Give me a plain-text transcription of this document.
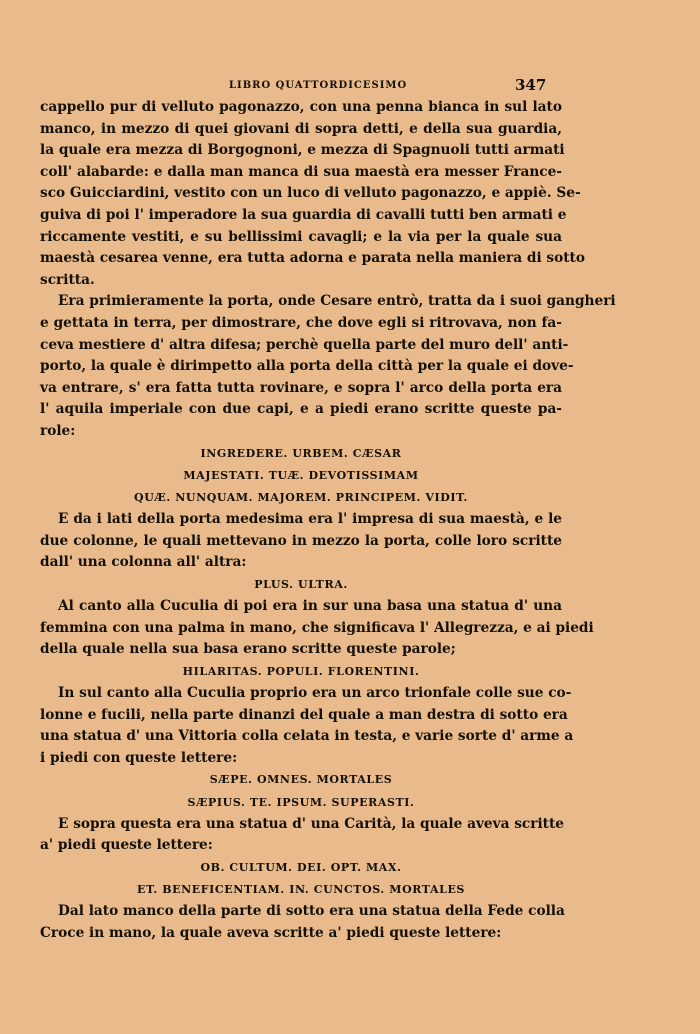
LIBRO QUATTORDICESIMO	347
cappello pur di velluto pagonazzo, con una penna bianca in sul lato
manco, in mezzo di quei giovani di sopra detti, e della sua guardia,
la quale era mezza di Borgognoni, e mezza di Spagnuoli tutti armati
coll' alabarde: e dalla man manca di sua maestà era messer France-
sco Guicciardini, vestito con un luco di velluto pagonazzo, e appiè. Se-
guiva di poi l' imperadore la sua guardia di cavalli tutti ben armati e
riccamente vestiti, e su bellissimi cavagli; e la via per la quale sua
maestà cesarea venne, era tutta adorna e parata nella maniera di sotto
scritta.
Era primieramente la porta, onde Cesare entrò, tratta da i suoi gangheri
e gettata in terra, per dimostrare, che dove egli si ritrovava, non fa-
ceva mestiere d' altra difesa; perchè quella parte del muro dell' anti-
porto, la quale è dirimpetto alla porta della città per la quale ei dove-
va entrare, s' era fatta tutta rovinare, e sopra l' arco della porta era
l' aquila imperiale con due capi, e a piedi erano scritte queste pa-
role:
INGREDERE. URBEM. CÆSAR
MAJESTATI. TUÆ. DEVOTISSIMAM
QUÆ. NUNQUAM. MAJOREM. PRINCIPEM. VIDIT.
E da i lati della porta medesima era l' impresa di sua maestà, e le
due colonne, le quali mettevano in mezzo la porta, colle loro scritte
dall' una colonna all' altra:
PLUS. ULTRA.
Al canto alla Cuculia di poi era in sur una basa una statua d' una
femmina con una palma in mano, che significava l' Allegrezza, e ai piedi
della quale nella sua basa erano scritte queste parole;
HILARITAS. POPULI. FLORENTINI.
In sul canto alla Cuculia proprio era un arco trionfale colle sue co-
lonne e fucili, nella parte dinanzi del quale a man destra di sotto era
una statua d' una Vittoria colla celata in testa, e varie sorte d' arme a
i piedi con queste lettere:
SÆPE. OMNES. MORTALES
SÆPIUS. TE. IPSUM. SUPERASTI.
E sopra questa era una statua d' una Carità, la quale aveva scritte
a' piedi queste lettere:
OB. CULTUM. DEI. OPT. MAX.
ET. BENEFICENTIAM. IN. CUNCTOS. MORTALES
Dal lato manco della parte di sotto era una statua della Fede colla
Croce in mano, la quale aveva scritte a' piedi queste lettere:
